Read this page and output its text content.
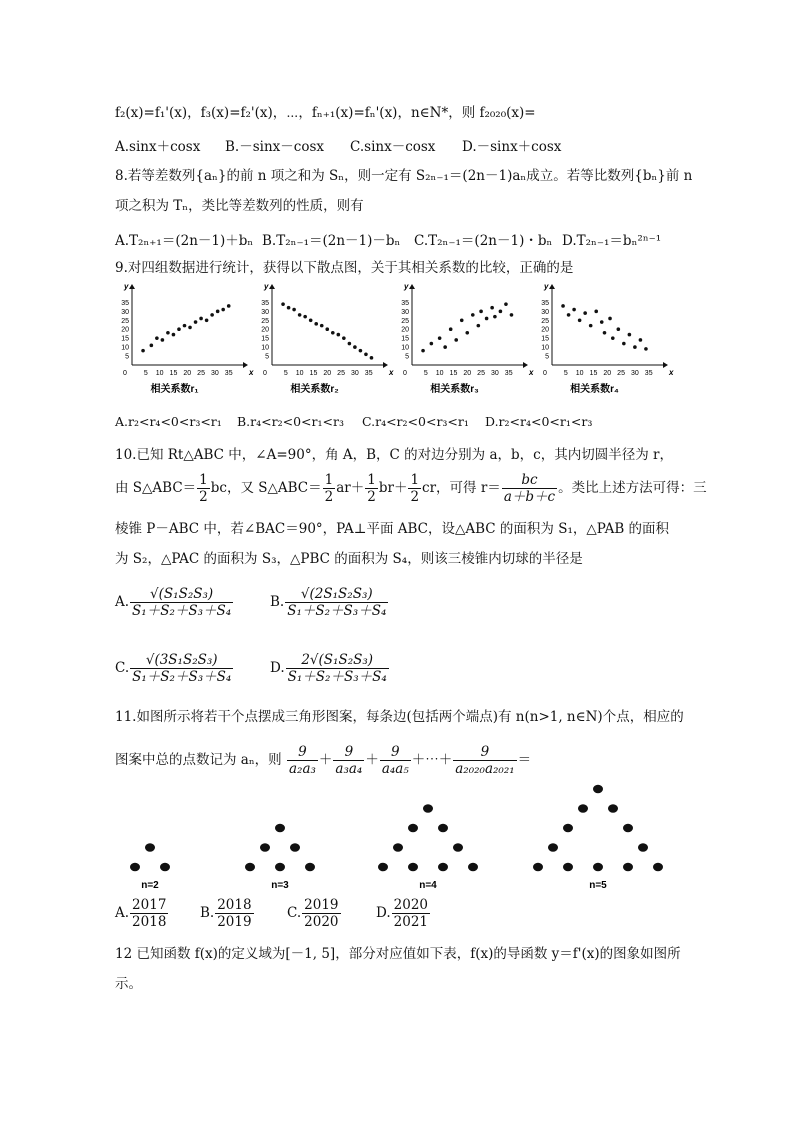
f₂(x)=f₁'(x)，f₃(x)=f₂'(x)，⋯，fₙ₊₁(x)=fₙ'(x)，n∈N*，则 f₂₀₂₀(x)=
A.sinx＋cosx B.－sinx－cosx C.sinx－cosx D.－sinx＋cosx
8.若等差数列{aₙ}的前 n 项之和为 Sₙ，则一定有 S₂ₙ₋₁＝(2n－1)aₙ成立。若等比数列{bₙ}前 n
项之积为 Tₙ，类比等差数列的性质，则有
A.T₂ₙ₊₁＝(2n－1)＋bₙ B.T₂ₙ₋₁＝(2n－1)－bₙ C.T₂ₙ₋₁＝(2n－1)・bₙ D.T₂ₙ₋₁＝bₙ²ⁿ⁻¹
9.对四组数据进行统计，获得以下散点图，关于其相关系数的比较，正确的是
y
x
0
35
30
25
20
15
10
5
5 10 15 20 25 30 35
相关系数r₁
y
x
0
35
30
25
20
15
10
5
5 10 15 20 25 30 35
相关系数r₂
y
x
0
35
30
25
20
15
10
5
5 10 15 20 25 30 35
相关系数r₃
y
x
0
35
30
25
20
15
10
5
5 10 15 20 25 30 35
相关系数r₄
A.r₂<r₄<0<r₃<r₁ B.r₄<r₂<0<r₁<r₃ C.r₄<r₂<0<r₃<r₁ D.r₂<r₄<0<r₁<r₃
10.已知 Rt△ABC 中，∠A=90°，角 A，B，C 的对边分别为 a，b，c，其内切圆半径为 r，
由 S△ABC＝ $\frac{1}{2}$ bc，又 S△ABC＝ $\frac{1}{2} ar+ \frac{1}{2} br+ \frac{1}{2}$ cr，可得 $r= \frac{bc}{a+b+c}$ 。类比上述方法可得：三
棱锥 P－ABC 中，若∠BAC＝90°，PA⊥平面 ABC，设△ABC 的面积为 S₁，△PAB 的面积
为 S₂，△PAC 的面积为 S₃，△PBC 的面积为 S₄，则该三棱锥内切球的半径是
A. $\frac{\text{√(S₁S₂S₃)}}{\text{S₁＋S₂＋S₃＋S₄}}$	B. $\frac{\text{√(2S₁S₂S₃)}}{\text{S₁＋S₂＋S₃＋S₄}}$
C. $\frac{\text{√(3S₁S₂S₃)}}{\text{S₁＋S₂＋S₃＋S₄}}$	D. $\frac{\text{2√(S₁S₂S₃)}}{\text{S₁＋S₂＋S₃＋S₄}}$
11.如图所示将若干个点摆成三角形图案，每条边(包括两个端点)有 n(n>1, n∈N)个点，相应的
图案中总的点数记为 aₙ，则 $\frac{9}{\text{a₂a₃}} + \frac{9}{\text{a₃a₄}} + \frac{9}{\text{a₄a₅}}$ ＋⋯＋ $\frac{9}{\text{a₂₀₂₀a₂₀₂₁}}$ ＝
n=2	n=3	n=4	n=5
A. $\frac{2017}{2018} B$. $\frac{2018}{2019} C$. $\frac{2019}{2020}$	D. $\frac{2020}{2021}$
12 已知函数 f(x)的定义域为[－1, 5]，部分对应值如下表，f(x)的导函数 y＝f'(x)的图象如图所
示。
